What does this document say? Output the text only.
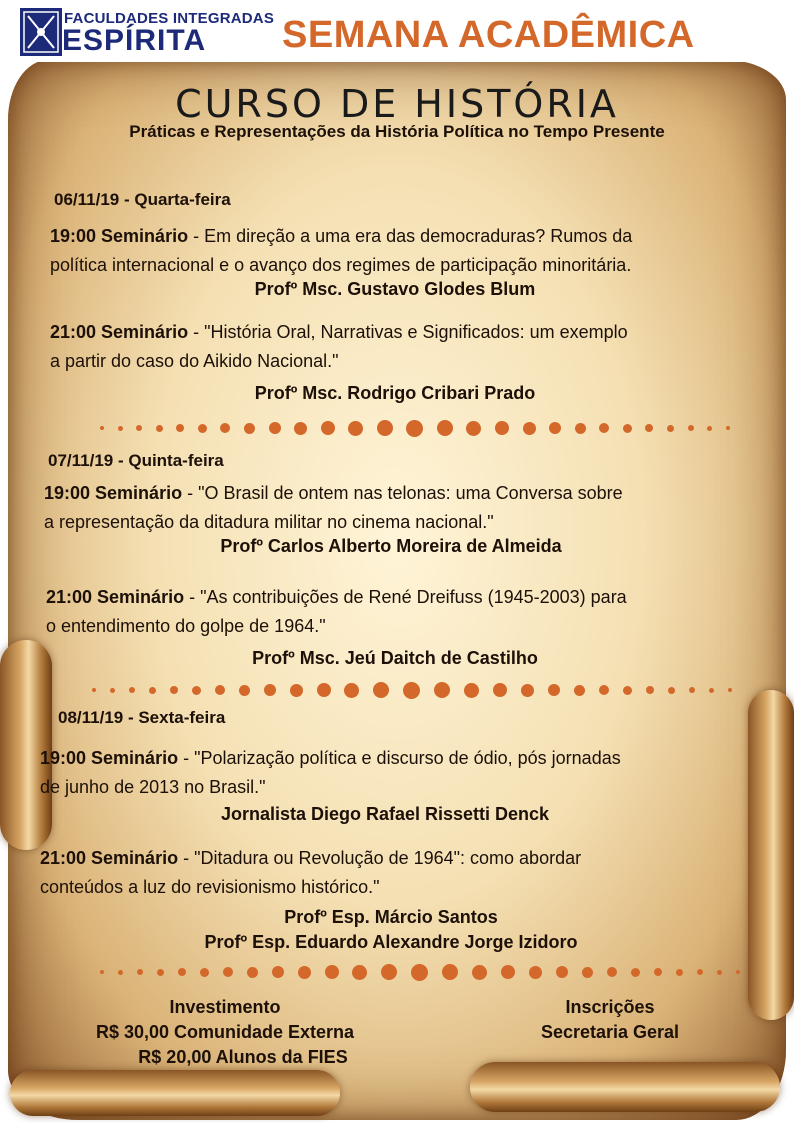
FACULDADES INTEGRADAS
ESPÍRITA SEMANA ACADÊMICA
CURSO DE HISTÓRIA
Práticas e Representações da História Política no Tempo Presente
06/11/19 - Quarta-feira
19:00 Seminário - Em direção a uma era das democraduras? Rumos da
política internacional e o avanço dos regimes de participação minoritária.
Profº Msc. Gustavo Glodes Blum
21:00 Seminário - "História Oral, Narrativas e Significados: um exemplo
a partir do caso do Aikido Nacional."
Profº Msc. Rodrigo Cribari Prado
07/11/19 - Quinta-feira
19:00 Seminário - "O Brasil de ontem nas telonas: uma Conversa sobre
a representação da ditadura militar no cinema nacional."
Profº Carlos Alberto Moreira de Almeida
21:00 Seminário - "As contribuições de René Dreifuss (1945-2003) para
o entendimento do golpe de 1964."
Profº Msc. Jeú Daitch de Castilho
08/11/19 - Sexta-feira
19:00 Seminário - "Polarização política e discurso de ódio, pós jornadas
de junho de 2013 no Brasil."
Jornalista Diego Rafael Rissetti Denck
21:00 Seminário - "Ditadura ou Revolução de 1964": como abordar
conteúdos a luz do revisionismo histórico."
Profº Esp. Márcio Santos
Profº Esp. Eduardo Alexandre Jorge Izidoro
Investimento
R$ 30,00 Comunidade Externa
R$ 20,00 Alunos da FIES
Inscrições
Secretaria Geral
